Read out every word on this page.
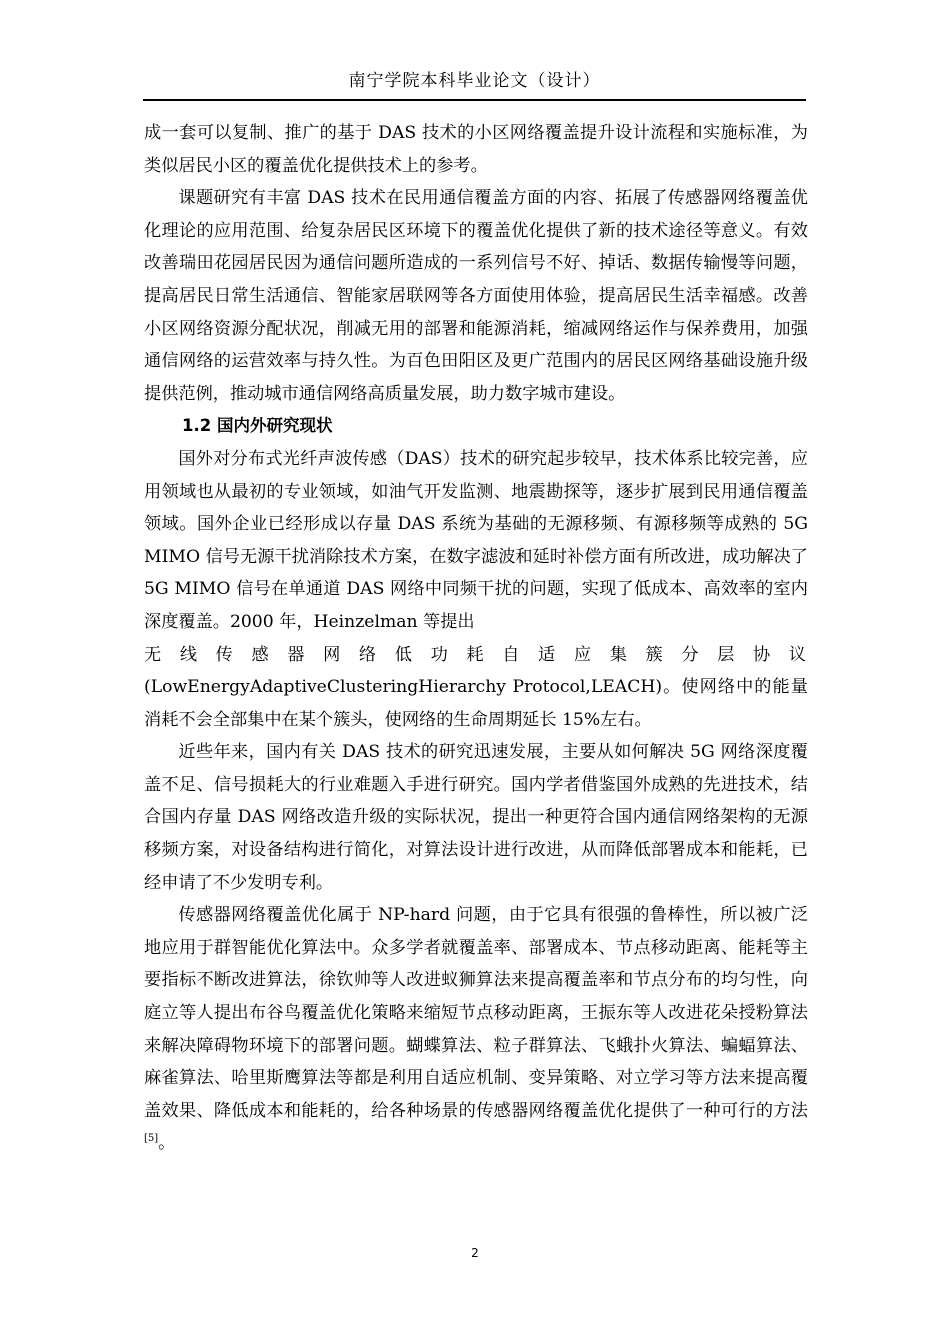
南宁学院本科毕业论文（设计）

成一套可以复制、推广的基于 DAS 技术的小区网络覆盖提升设计流程和实施标准，为类似居民小区的覆盖优化提供技术上的参考。

课题研究有丰富 DAS 技术在民用通信覆盖方面的内容、拓展了传感器网络覆盖优化理论的应用范围、给复杂居民区环境下的覆盖优化提供了新的技术途径等意义。有效改善瑞田花园居民因为通信问题所造成的一系列信号不好、掉话、数据传输慢等问题，提高居民日常生活通信、智能家居联网等各方面使用体验，提高居民生活幸福感。改善小区网络资源分配状况，削减无用的部署和能源消耗，缩减网络运作与保养费用，加强通信网络的运营效率与持久性。为百色田阳区及更广范围内的居民区网络基础设施升级提供范例，推动城市通信网络高质量发展，助力数字城市建设。

1.2 国内外研究现状

国外对分布式光纤声波传感（DAS）技术的研究起步较早，技术体系比较完善，应用领域也从最初的专业领域，如油气开发监测、地震勘探等，逐步扩展到民用通信覆盖领域。国外企业已经形成以存量 DAS 系统为基础的无源移频、有源移频等成熟的 5G MIMO 信号无源干扰消除技术方案，在数字滤波和延时补偿方面有所改进，成功解决了 5G MIMO 信号在单通道 DAS 网络中同频干扰的问题，实现了低成本、高效率的室内深度覆盖。2000 年，Heinzelman 等提出

无 线 传 感 器 网 络 低 功 耗 自 适 应 集 簇 分 层 协 议

(LowEnergyAdaptiveClusteringHierarchy Protocol,LEACH)。使网络中的能量消耗不会全部集中在某个簇头，使网络的生命周期延长 15%左右。

近些年来，国内有关 DAS 技术的研究迅速发展，主要从如何解决 5G 网络深度覆盖不足、信号损耗大的行业难题入手进行研究。国内学者借鉴国外成熟的先进技术，结合国内存量 DAS 网络改造升级的实际状况，提出一种更符合国内通信网络架构的无源移频方案，对设备结构进行简化，对算法设计进行改进，从而降低部署成本和能耗，已经申请了不少发明专利。

传感器网络覆盖优化属于 NP-hard 问题，由于它具有很强的鲁棒性，所以被广泛地应用于群智能优化算法中。众多学者就覆盖率、部署成本、节点移动距离、能耗等主要指标不断改进算法，徐钦帅等人改进蚁狮算法来提高覆盖率和节点分布的均匀性，向庭立等人提出布谷鸟覆盖优化策略来缩短节点移动距离，王振东等人改进花朵授粉算法来解决障碍物环境下的部署问题。蝴蝶算法、粒子群算法、飞蛾扑火算法、蝙蝠算法、麻雀算法、哈里斯鹰算法等都是利用自适应机制、变异策略、对立学习等方法来提高覆盖效果、降低成本和能耗的，给各种场景的传感器网络覆盖优化提供了一种可行的方法[5]。

2
